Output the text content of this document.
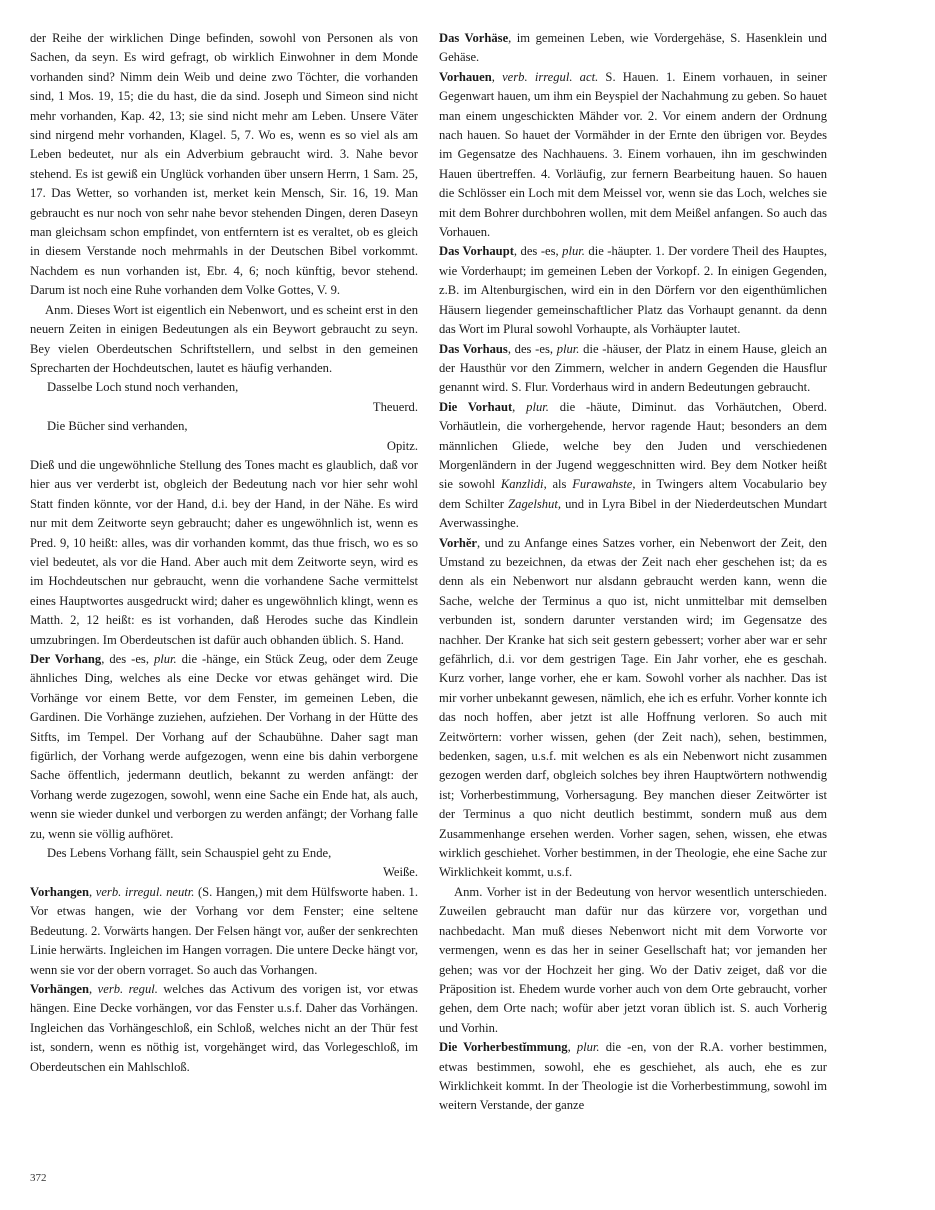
der Reihe der wirklichen Dinge befinden, sowohl von Personen als von Sachen, da seyn. Es wird gefragt, ob wirklich Einwohner in dem Monde vorhanden sind? Nimm dein Weib und deine zwo Töchter, die vorhanden sind, 1 Mos. 19, 15; die du hast, die da sind. Joseph und Simeon sind nicht mehr vorhanden, Kap. 42, 13; sie sind nicht mehr am Leben. Unsere Väter sind nirgend mehr vorhanden, Klagel. 5, 7. Wo es, wenn es so viel als am Leben bedeutet, nur als ein Adverbium gebraucht wird. 3. Nahe bevor stehend. Es ist gewiß ein Unglück vorhanden über unsern Herrn, 1 Sam. 25, 17. Das Wetter, so vorhanden ist, merket kein Mensch, Sir. 16, 19. Man gebraucht es nur noch von sehr nahe bevor stehenden Dingen, deren Daseyn man gleichsam schon empfindet, von entferntern ist es veraltet, ob es gleich in diesem Verstande noch mehrmahls in der Deutschen Bibel vorkommt. Nachdem es nun vorhanden ist, Ebr. 4, 6; noch künftig, bevor stehend. Darum ist noch eine Ruhe vorhanden dem Volke Gottes, V. 9.

Anm. Dieses Wort ist eigentlich ein Nebenwort, und es scheint erst in den neuern Zeiten in einigen Bedeutungen als ein Beywort gebraucht zu seyn. Bey vielen Oberdeutschen Schriftstellern, und selbst in den gemeinen Sprecharten der Hochdeutschen, lautet es häufig verhanden.

Dasselbe Loch stund noch verhanden,

Theuerd.

Die Bücher sind verhanden,

Opitz.

Dieß und die ungewöhnliche Stellung des Tones macht es glaublich, daß vor hier aus ver verderbt ist, obgleich der Bedeutung nach vor hier sehr wohl Statt finden könnte, vor der Hand, d.i. bey der Hand, in der Nähe. Es wird nur mit dem Zeitworte seyn gebraucht; daher es ungewöhnlich ist, wenn es Pred. 9, 10 heißt: alles, was dir vorhanden kommt, das thue frisch, wo es so viel bedeutet, als vor die Hand. Aber auch mit dem Zeitworte seyn, wird es im Hochdeutschen nur gebraucht, wenn die vorhandene Sache vermittelst eines Hauptwortes ausgedruckt wird; daher es ungewöhnlich klingt, wenn es Matth. 2, 12 heißt: es ist vorhanden, daß Herodes suche das Kindlein umzubringen. Im Oberdeutschen ist dafür auch obhanden üblich. S. Hand.

Der Vorhang, des -es, plur. die -hänge, ein Stück Zeug, oder dem Zeuge ähnliches Ding, welches als eine Decke vor etwas gehänget wird. Die Vorhänge vor einem Bette, vor dem Fenster, im gemeinen Leben, die Gardinen. Die Vorhänge zuziehen, aufziehen. Der Vorhang in der Hütte des Sitfts, im Tempel. Der Vorhang auf der Schaubühne. Daher sagt man figürlich, der Vorhang werde aufgezogen, wenn eine bis dahin verborgene Sache öffentlich, jedermann deutlich, bekannt zu werden anfängt: der Vorhang werde zugezogen, sowohl, wenn eine Sache ein Ende hat, als auch, wenn sie wieder dunkel und verborgen zu werden anfängt; der Vorhang falle zu, wenn sie völlig aufhöret.

Des Lebens Vorhang fällt, sein Schauspiel geht zu Ende,

Weiße.

Vorhangen, verb. irregul. neutr. (S. Hangen,) mit dem Hülfsworte haben. 1. Vor etwas hangen, wie der Vorhang vor dem Fenster; eine seltene Bedeutung. 2. Vorwärts hangen. Der Felsen hängt vor, außer der senkrechten Linie herwärts. Ingleichen im Hangen vorragen. Die untere Decke hängt vor, wenn sie vor der obern vorraget. So auch das Vorhangen.

Vorhängen, verb. regul. welches das Activum des vorigen ist, vor etwas hängen. Eine Decke vorhängen, vor das Fenster u.s.f. Daher das Vorhängen. Ingleichen das Vorhängeschloß, ein Schloß, welches nicht an der Thür fest ist, sondern, wenn es nöthig ist, vorgehänget wird, das Vorlegeschloß, im Oberdeutschen ein Mahlschloß.

Das Vorhäse, im gemeinen Leben, wie Vordergehäse, S. Hasenklein und Gehäse.

Vorhauen, verb. irregul. act. S. Hauen. 1. Einem vorhauen, in seiner Gegenwart hauen, um ihm ein Beyspiel der Nachahmung zu geben. So hauet man einem ungeschickten Mähder vor. 2. Vor einem andern der Ordnung nach hauen. So hauet der Vormähder in der Ernte den übrigen vor. Beydes im Gegensatze des Nachhauens. 3. Einem vorhauen, ihn im geschwinden Hauen übertreffen. 4. Vorläufig, zur fernern Bearbeitung hauen. So hauen die Schlösser ein Loch mit dem Meissel vor, wenn sie das Loch, welches sie mit dem Bohrer durchbohren wollen, mit dem Meißel anfangen. So auch das Vorhauen.

Das Vorhaupt, des -es, plur. die -häupter. 1. Der vordere Theil des Hauptes, wie Vorderhaupt; im gemeinen Leben der Vorkopf. 2. In einigen Gegenden, z.B. im Altenburgischen, wird ein in den Dörfern vor den eigenthümlichen Häusern liegender gemeinschaftlicher Platz das Vorhaupt genannt. da denn das Wort im Plural sowohl Vorhaupte, als Vorhäupter lautet.

Das Vorhaus, des -es, plur. die -häuser, der Platz in einem Hause, gleich an der Hausthür vor den Zimmern, welcher in andern Gegenden die Hausflur genannt wird. S. Flur. Vorderhaus wird in andern Bedeutungen gebraucht.

Die Vorhaut, plur. die -häute, Diminut. das Vorhäutchen, Oberd. Vorhäutlein, die vorhergehende, hervor ragende Haut; besonders an dem männlichen Gliede, welche bey den Juden und verschiedenen Morgenländern in der Jugend weggeschnitten wird. Bey dem Notker heißt sie sowohl Kanzlidi, als Furawahste, in Twingers altem Vocabulario bey dem Schilter Zagelshut, und in Lyra Bibel in der Niederdeutschen Mundart Averwassinghe.

Vorhĕr, und zu Anfange eines Satzes vorher, ein Nebenwort der Zeit, den Umstand zu bezeichnen, da etwas der Zeit nach eher geschehen ist; da es denn als ein Nebenwort nur alsdann gebraucht werden kann, wenn die Sache, welche der Terminus a quo ist, nicht unmittelbar mit demselben verbunden ist, sondern darunter verstanden wird; im Gegensatze des nachher. Der Kranke hat sich seit gestern gebessert; vorher aber war er sehr gefährlich, d.i. vor dem gestrigen Tage. Ein Jahr vorher, ehe es geschah. Kurz vorher, lange vorher, ehe er kam. Sowohl vorher als nachher. Das ist mir vorher unbekannt gewesen, nämlich, ehe ich es erfuhr. Vorher konnte ich das noch hoffen, aber jetzt ist alle Hoffnung verloren. So auch mit Zeitwörtern: vorher wissen, gehen (der Zeit nach), sehen, bestimmen, bedenken, sagen, u.s.f. mit welchen es als ein Nebenwort nicht zusammen gezogen werden darf, obgleich solches bey ihren Hauptwörtern nothwendig ist; Vorherbestimmung, Vorhersagung. Bey manchen dieser Zeitwörter ist der Terminus a quo nicht deutlich bestimmt, sondern muß aus dem Zusammenhange ersehen werden. Vorher sagen, sehen, wissen, ehe etwas wirklich geschiehet. Vorher bestimmen, in der Theologie, ehe eine Sache zur Wirklichkeit kommt, u.s.f.

Anm. Vorher ist in der Bedeutung von hervor wesentlich unterschieden. Zuweilen gebraucht man dafür nur das kürzere vor, vorgethan und nachbedacht. Man muß dieses Nebenwort nicht mit dem Vorworte vor vermengen, wenn es das her in seiner Gesellschaft hat; vor jemanden her gehen; was vor der Hochzeit her ging. Wo der Dativ zeiget, daß vor die Präposition ist. Ehedem wurde vorher auch von dem Orte gebraucht, vorher gehen, dem Orte nach; wofür aber jetzt voran üblich ist. S. auch Vorherig und Vorhin.

Die Vorherbestĭmmung, plur. die -en, von der R.A. vorher bestimmen, etwas bestimmen, sowohl, ehe es geschiehet, als auch, ehe es zur Wirklichkeit kommt. In der Theologie ist die Vorherbestimmung, sowohl im weitern Verstande, der ganze

372
